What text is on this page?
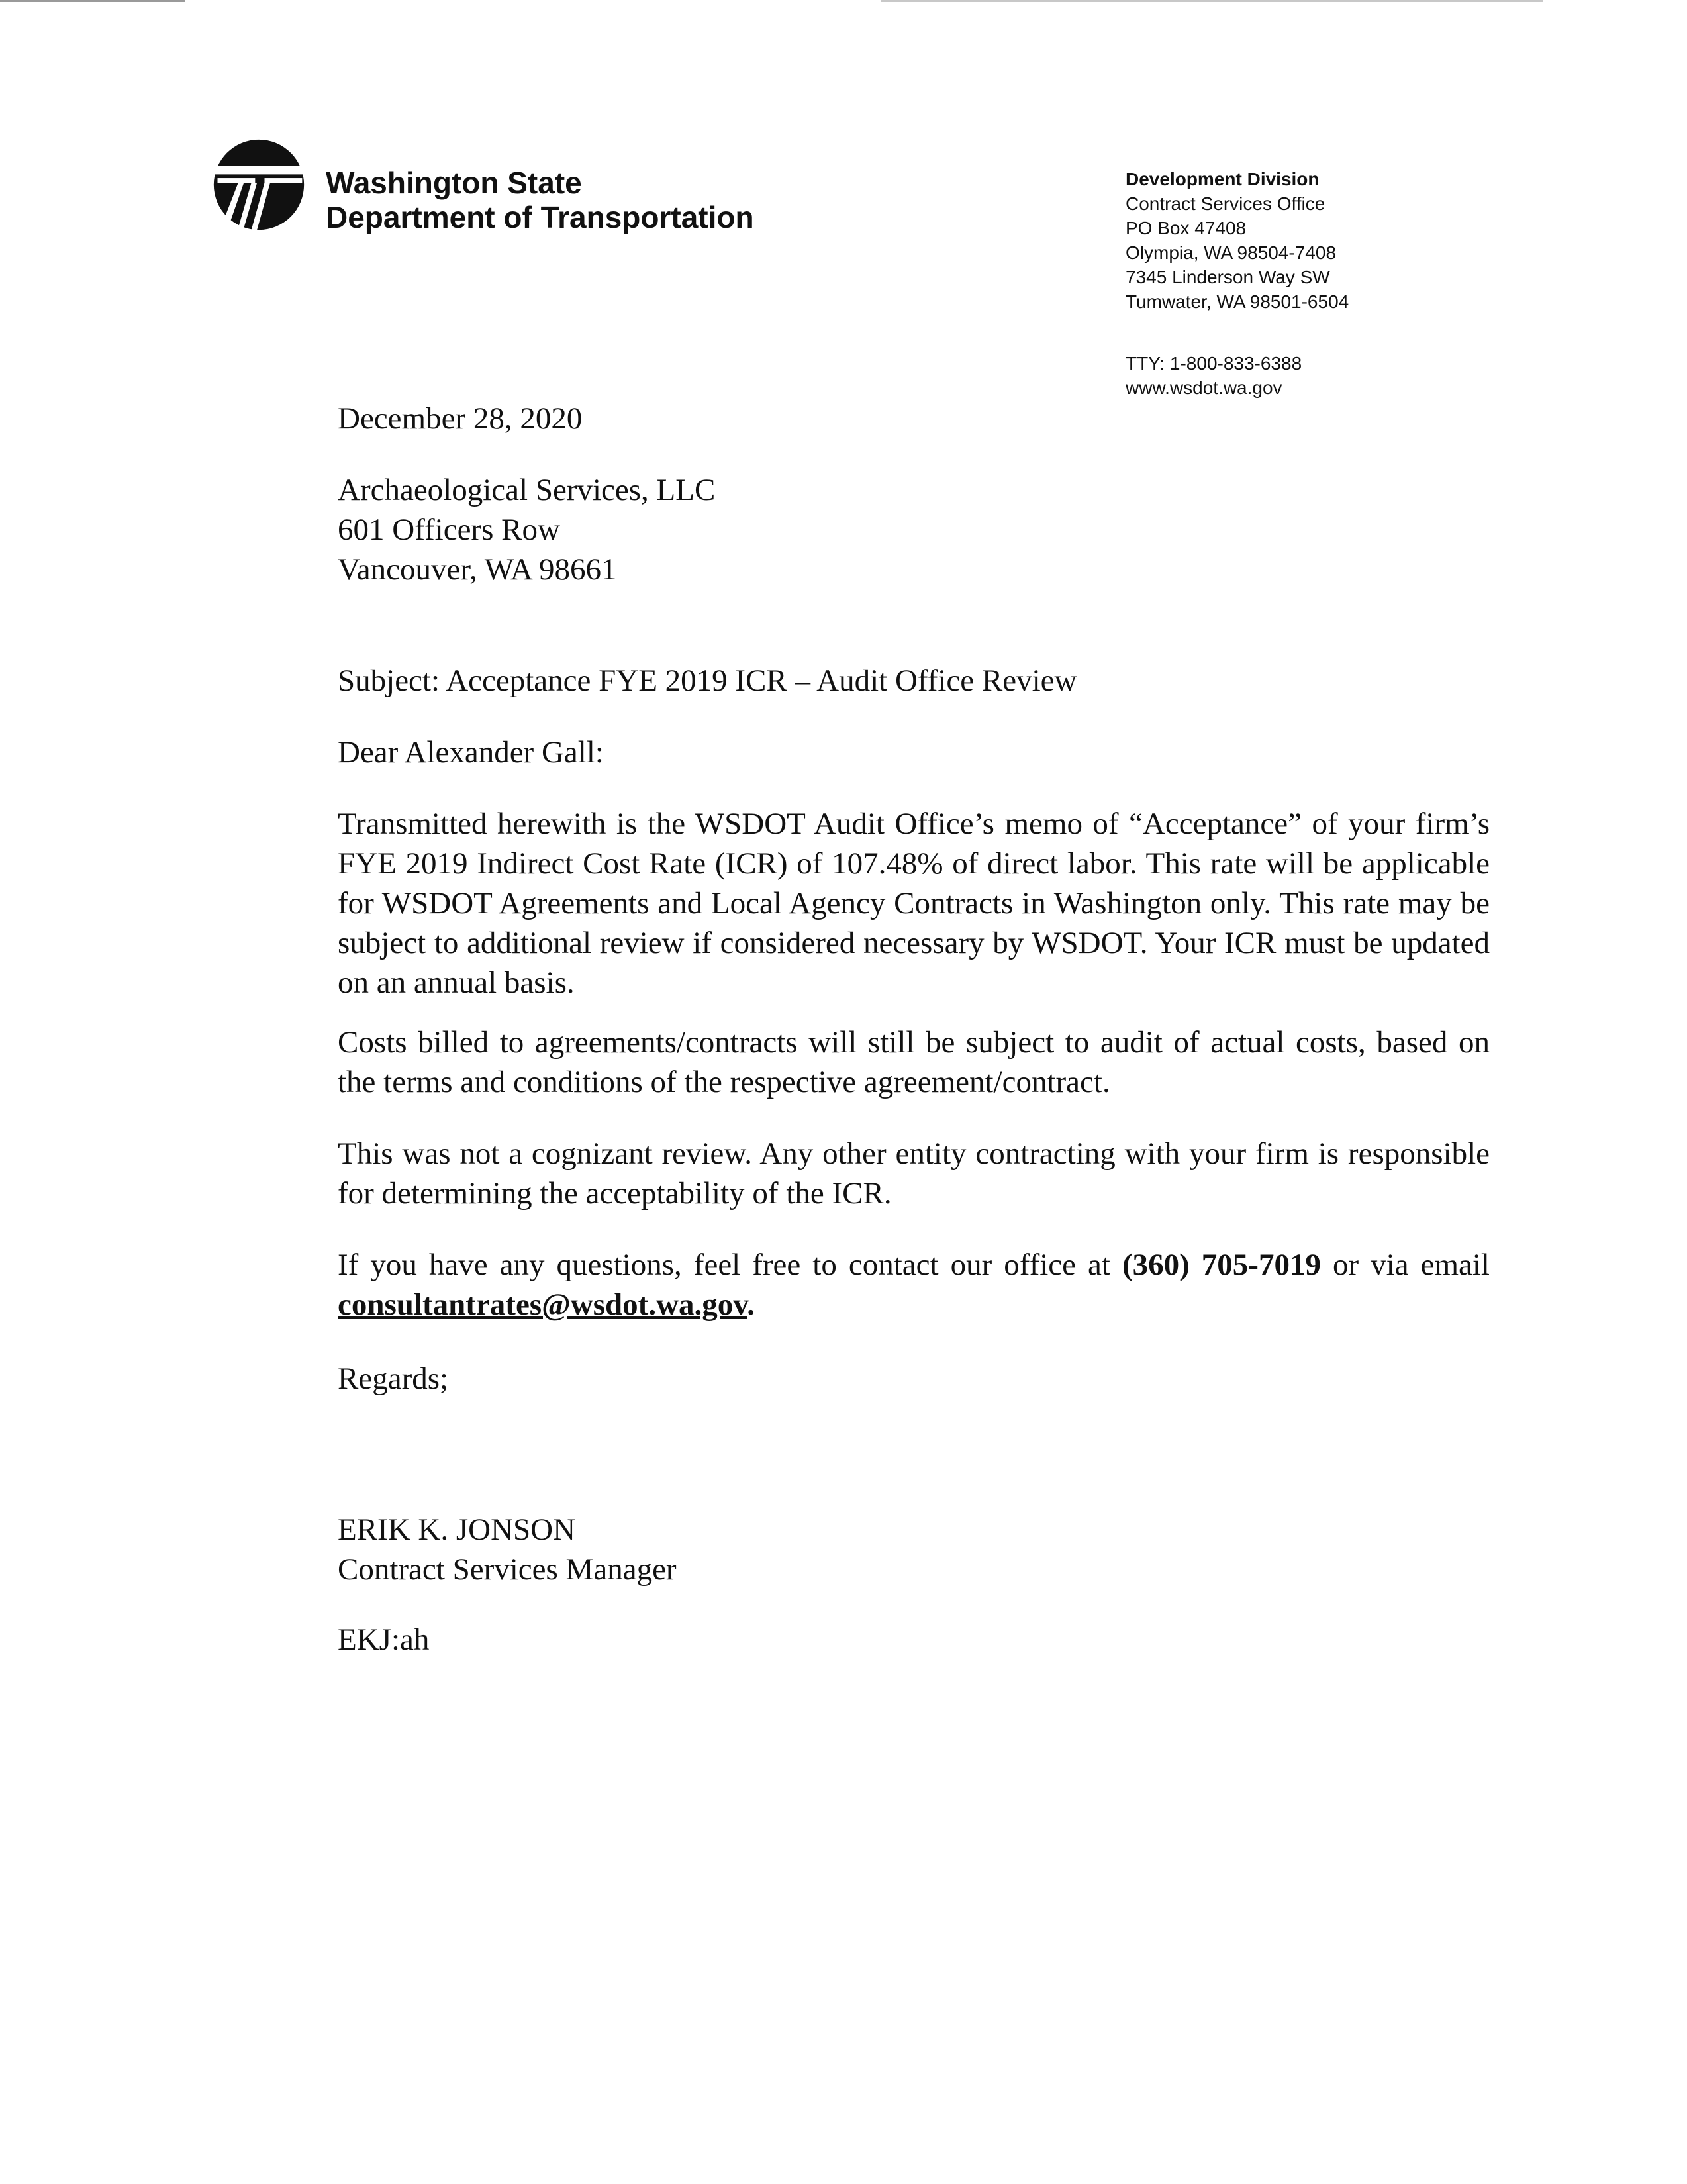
Washington State
Department of Transportation
Development Division
Contract Services Office
PO Box 47408
Olympia, WA 98504-7408
7345 Linderson Way SW
Tumwater, WA 98501-6504
TTY: 1-800-833-6388
www.wsdot.wa.gov
December 28, 2020
Archaeological Services, LLC
601 Officers Row
Vancouver, WA 98661
Subject: Acceptance FYE 2019 ICR – Audit Office Review
Dear Alexander Gall:
Transmitted herewith is the WSDOT Audit Office’s memo of “Acceptance” of your firm’s FYE 2019 Indirect Cost Rate (ICR) of 107.48% of direct labor. This rate will be applicable for WSDOT Agreements and Local Agency Contracts in Washington only. This rate may be subject to additional review if considered necessary by WSDOT. Your ICR must be updated on an annual basis.
Costs billed to agreements/contracts will still be subject to audit of actual costs, based on the terms and conditions of the respective agreement/contract.
This was not a cognizant review. Any other entity contracting with your firm is responsible for determining the acceptability of the ICR.
If you have any questions, feel free to contact our office at (360) 705-7019 or via email consultantrates@wsdot.wa.gov.
Regards;
ERIK K. JONSON
Contract Services Manager
EKJ:ah
